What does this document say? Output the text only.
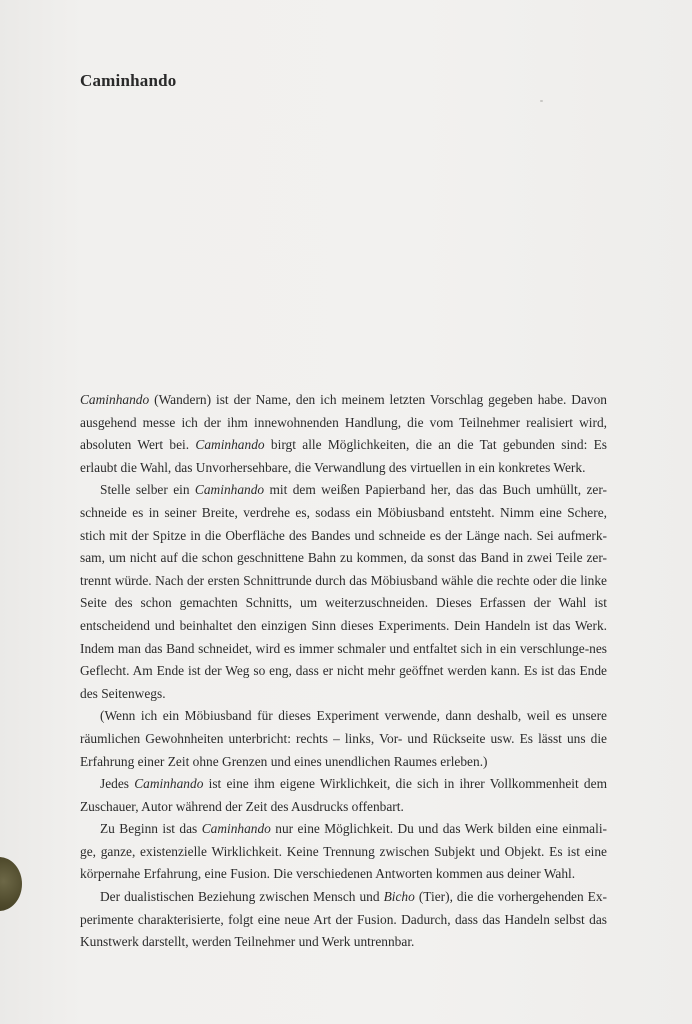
Caminhando

Caminhando (Wandern) ist der Name, den ich meinem letzten Vorschlag gegeben habe. Davon ausgehend messe ich der ihm innewohnenden Handlung, die vom Teilnehmer realisiert wird, absoluten Wert bei. Caminhando birgt alle Möglichkeiten, die an die Tat gebunden sind: Es erlaubt die Wahl, das Unvorhersehbare, die Verwandlung des virtuellen in ein konkretes Werk.

Stelle selber ein Caminhando mit dem weißen Papierband her, das das Buch umhüllt, zer-schneide es in seiner Breite, verdrehe es, sodass ein Möbiusband entsteht. Nimm eine Schere, stich mit der Spitze in die Oberfläche des Bandes und schneide es der Länge nach. Sei aufmerk-sam, um nicht auf die schon geschnittene Bahn zu kommen, da sonst das Band in zwei Teile zer-trennt würde. Nach der ersten Schnittrunde durch das Möbiusband wähle die rechte oder die linke Seite des schon gemachten Schnitts, um weiterzuschneiden. Dieses Erfassen der Wahl ist entscheidend und beinhaltet den einzigen Sinn dieses Experiments. Dein Handeln ist das Werk. Indem man das Band schneidet, wird es immer schmaler und entfaltet sich in ein verschlunge-nes Geflecht. Am Ende ist der Weg so eng, dass er nicht mehr geöffnet werden kann. Es ist das Ende des Seitenwegs.

(Wenn ich ein Möbiusband für dieses Experiment verwende, dann deshalb, weil es unsere räumlichen Gewohnheiten unterbricht: rechts – links, Vor- und Rückseite usw. Es lässt uns die Erfahrung einer Zeit ohne Grenzen und eines unendlichen Raumes erleben.)

Jedes Caminhando ist eine ihm eigene Wirklichkeit, die sich in ihrer Vollkommenheit dem Zuschauer, Autor während der Zeit des Ausdrucks offenbart.

Zu Beginn ist das Caminhando nur eine Möglichkeit. Du und das Werk bilden eine einmali-ge, ganze, existenzielle Wirklichkeit. Keine Trennung zwischen Subjekt und Objekt. Es ist eine körpernahe Erfahrung, eine Fusion. Die verschiedenen Antworten kommen aus deiner Wahl.

Der dualistischen Beziehung zwischen Mensch und Bicho (Tier), die die vorhergehenden Ex-perimente charakterisierte, folgt eine neue Art der Fusion. Dadurch, dass das Handeln selbst das Kunstwerk darstellt, werden Teilnehmer und Werk untrennbar.
